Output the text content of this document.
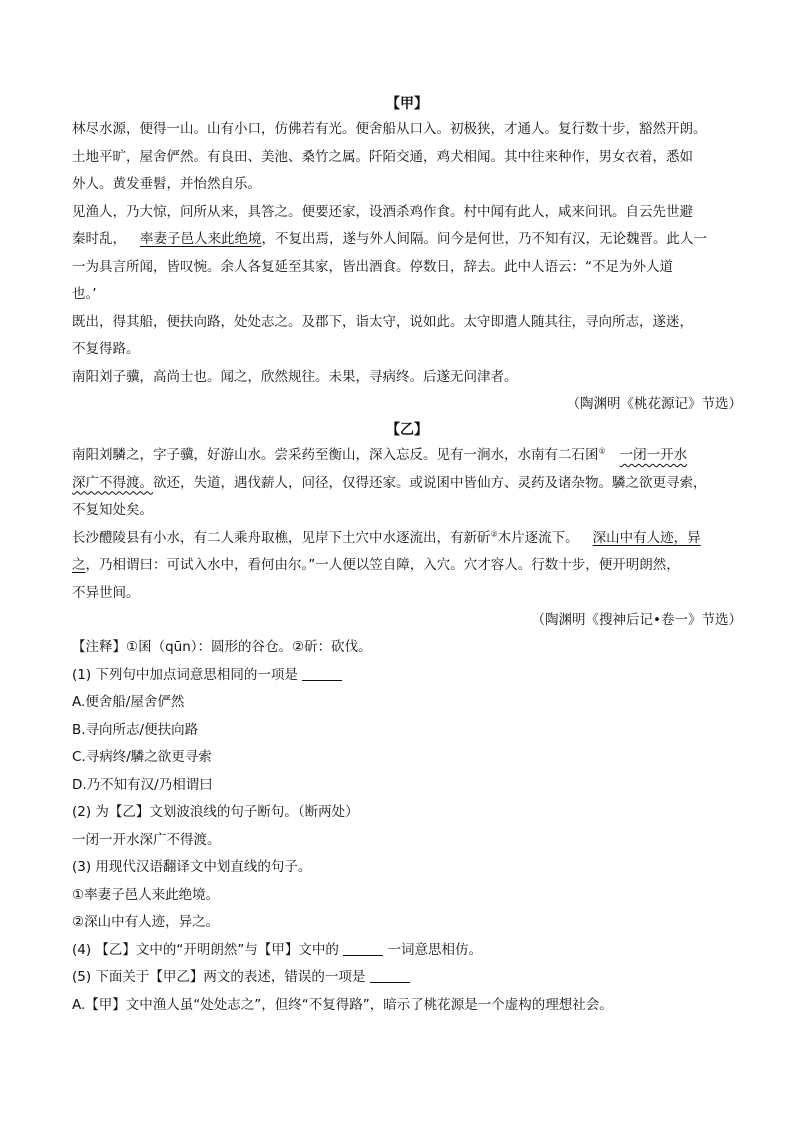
【甲】
林尽水源，便得一山。山有小口，仿佛若有光。便舍船从口入。初极狭，才通人。复行数十步，豁然开朗。
土地平旷，屋舍俨然。有良田、美池、桑竹之属。阡陌交通，鸡犬相闻。其中往来种作，男女衣着，悉如
外人。黄发垂髫，并怡然自乐。
见渔人，乃大惊，问所从来，具答之。便要还家，设酒杀鸡作食。村中闻有此人，咸来问讯。自云先世避
秦时乱， 率妻子邑人来此绝境，不复出焉，遂与外人间隔。问今是何世，乃不知有汉，无论魏晋。此人一
一为具言所闻，皆叹惋。余人各复延至其家，皆出酒食。停数日，辞去。此中人语云：“不足为外人道
也。’
既出，得其船，便扶向路，处处志之。及郡下，诣太守，说如此。太守即遣人随其往，寻向所志，遂迷，
不复得路。
南阳刘子骥，高尚士也。闻之，欣然规往。未果，寻病终。后遂无问津者。
（陶渊明《桃花源记》节选）
【乙】
南阳刘驎之，字子骥，好游山水。尝采药至衡山，深入忘反。见有一涧水，水南有二石囷① 一闭一开水
深广不得渡。欲还，失道，遇伐薪人，问径，仅得还家。或说囷中皆仙方、灵药及诸杂物。驎之欲更寻索，
不复知处矣。
长沙醴陵县有小水，有二人乘舟取樵，见岸下土穴中水逐流出，有新斫②木片逐流下。 深山中有人迹，异
之，乃相谓曰：可试入水中，看何由尔。”一人便以笠自障，入穴。穴才容人。行数十步，便开明朗然，
不异世间。
（陶渊明《搜神后记•卷一》节选）
【注释】①囷（qūn）：圆形的谷仓。②斫：砍伐。
(1) 下列句中加点词意思相同的一项是
A.便舍船/屋舍俨然
B.寻向所志/便扶向路
C.寻病终/驎之欲更寻索
D.乃不知有汉/乃相谓曰
(2) 为【乙】文划波浪线的句子断句。（断两处）
一闭一开水深广不得渡。
(3) 用现代汉语翻译文中划直线的句子。
①率妻子邑人来此绝境。
②深山中有人迹，异之。
(4) 【乙】文中的“开明朗然”与【甲】文中的	一词意思相仿。
(5) 下面关于【甲乙】两文的表述，错误的一项是
A.【甲】文中渔人虽“处处志之”，但终“不复得路”，暗示了桃花源是一个虚构的理想社会。
